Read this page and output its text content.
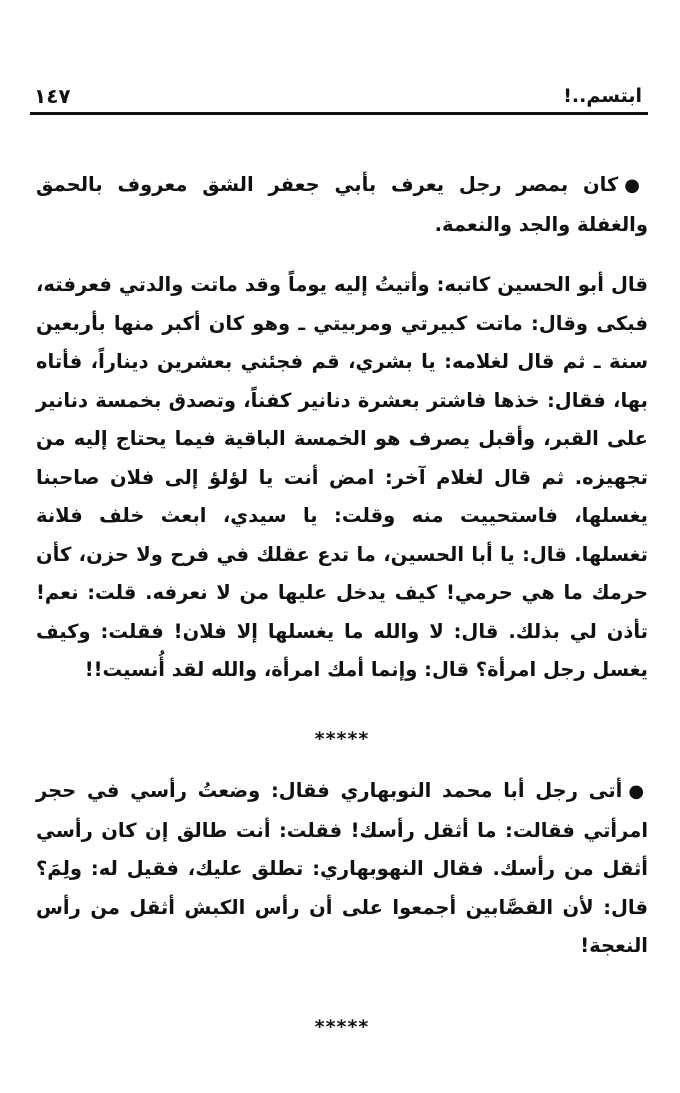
١٤٧	ابتسم..!

●كان بمصر رجل يعرف بأبي جعفر الشق معروف بالحمق والغفلة والجد والنعمة.

قال أبو الحسين كاتبه: وأتيتُ إليه يوماً وقد ماتت والدتي فعرفته، فبكى وقال: ماتت كبيرتي ومربيتي ـ وهو كان أكبر منها بأربعين سنة ـ ثم قال لغلامه: يا بشري، قم فجئني بعشرين ديناراً، فأتاه بها، فقال: خذها فاشتر بعشرة دنانير كفناً، وتصدق بخمسة دنانير على القبر، وأقبل يصرف هو الخمسة الباقية فيما يحتاج إليه من تجهيزه. ثم قال لغلام آخر: امض أنت يا لؤلؤ إلى فلان صاحبنا يغسلها، فاستحييت منه وقلت: يا سيدي، ابعث خلف فلانة تغسلها. قال: يا أبا الحسين، ما تدع عقلك في فرح ولا حزن، كأن حرمك ما هي حرمي! كيف يدخل عليها من لا نعرفه. قلت: نعم! تأذن لي بذلك. قال: لا والله ما يغسلها إلا فلان! فقلت: وكيف يغسل رجل امرأة؟ قال: وإنما أمك امرأة، والله لقد أُنسيت!!

*****

●أتى رجل أبا محمد النوبهاري فقال: وضعتُ رأسي في حجر امرأتي فقالت: ما أثقل رأسك! فقلت: أنت طالق إن كان رأسي أثقل من رأسك. فقال النهوبهاري: تطلق عليك، فقيل له: ولِمَ؟ قال: لأن القصَّابين أجمعوا على أن رأس الكبش أثقل من رأس النعجة!

*****
